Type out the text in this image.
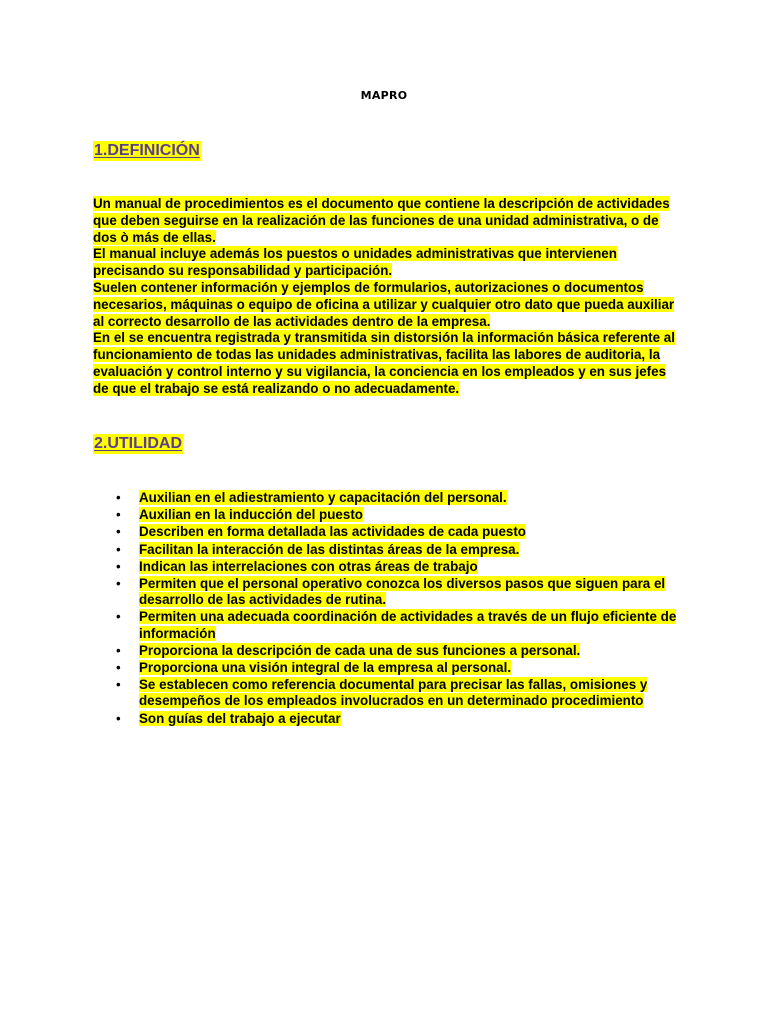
MAPRO
1.DEFINICIÓN
Un manual de procedimientos es el documento que contiene la descripción de actividades que deben seguirse en la realización de las funciones de una unidad administrativa, o de dos ò más de ellas.
El manual incluye además los puestos o unidades administrativas que intervienen precisando su responsabilidad y participación.
Suelen contener información y ejemplos de formularios, autorizaciones o documentos necesarios, máquinas o equipo de oficina a utilizar y cualquier otro dato que pueda auxiliar al correcto desarrollo de las actividades dentro de la empresa.
En el se encuentra registrada y transmitida sin distorsión la información básica referente al funcionamiento de todas las unidades administrativas, facilita las labores de auditoria, la evaluación y control interno y su vigilancia, la conciencia en los empleados y en sus jefes de que el trabajo se está realizando o no adecuadamente.
2.UTILIDAD
• Auxilian en el adiestramiento y capacitación del personal.
• Auxilian en la inducción del puesto
• Describen en forma detallada las actividades de cada puesto
• Facilitan la interacción de las distintas áreas de la empresa.
• Indican las interrelaciones con otras áreas de trabajo
• Permiten que el personal operativo conozca los diversos pasos que siguen para el desarrollo de las actividades de rutina.
• Permiten una adecuada coordinación de actividades a través de un flujo eficiente de información
• Proporciona la descripción de cada una de sus funciones a personal.
• Proporciona una visión integral de la empresa al personal.
• Se establecen como referencia documental para precisar las fallas, omisiones y desempeños de los empleados involucrados en un determinado procedimiento
• Son guías del trabajo a ejecutar
